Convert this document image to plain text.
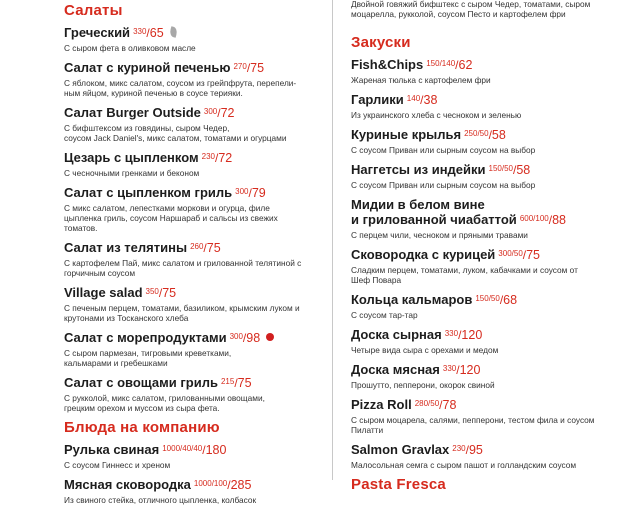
Салаты
Греческий $^{330}$/65
С сыром фета в оливковом масле
Салат с куриной печенью $^{270}$/75
С яблоком, микс салатом, соусом из грейпфрута, перепели-
ным яйцом, куриной печенью в соусе терияки.
Салат Burger Outside $^{300}$/72
С бифштексом из говядины, сыром Чедер,
соусом Jack Daniel's, микс салатом, томатами и огурцами
Цезарь с цыпленком $^{230}$/72
С чесночными гренками и беконом
Салат с цыпленком гриль $^{300}$/79
С микс салатом, лепестками моркови и огурца, филе
цыпленка гриль, соусом Наршараб и сальсы из свежих
томатов.
Салат из телятины $^{260}$/75
С картофелем Пай, микс салатом и грилованной телятиной с
горчичным соусом
Village salad $^{350}$/75
С печеным перцем, томатами, базиликом, крымским луком и
крутонами из Тосканского хлеба
Салат с морепродуктами $^{300}$/98
С сыром пармезан, тигровыми креветками,
кальмарами и гребешками
Салат с овощами гриль $^{215}$/75
С рукколой, микс салатом, грилованными овощами,
грецким орехом и муссом из сыра фета.
Блюда на компанию
Рулька свиная $^{1000/40/40}$/180
С соусом Гиннесс и хреном
Мясная сковородка $^{1000/100}$/285
Из свиного стейка, отличного цыпленка, колбасок
Двойной говяжий бифштекс с сыром Чедер, томатами, сыром
моцарелла, рукколой, соусом Песто и картофелем фри
Закуски
Fish&Chips $^{150/140}$/62
Жареная тюлька с картофелем фри
Гарлики $^{140}$/38
Из украинского хлеба с чесноком и зеленью
Куриные крылья $^{250/50}$/58
С соусом Приван или сырным соусом на выбор
Наггетсы из индейки $^{150/50}$/58
С соусом Приван или сырным соусом на выбор
Мидии в белом вине
и грилованной чиабаттой $^{600/100}$/88
С перцем чили, чесноком и пряными травами
Сковородка с курицей $^{300/50}$/75
Сладким перцем, томатами, луком, кабачками и соусом от
Шеф Повара
Кольца кальмаров $^{150/50}$/68
С соусом тар-тар
Доска сырная $^{330}$/120
Четыре вида сыра с орехами и медом
Доска мясная $^{330}$/120
Прошутто, пепперони, окорок свиной
Pizza Roll $^{280/50}$/78
С сыром моцарела, салями, пепперони, тестом фила и соусом
Пилатти
Salmon Gravlax $^{230}$/95
Малосольная семга с сыром пашот и голландским соусом
Pasta Fresca
